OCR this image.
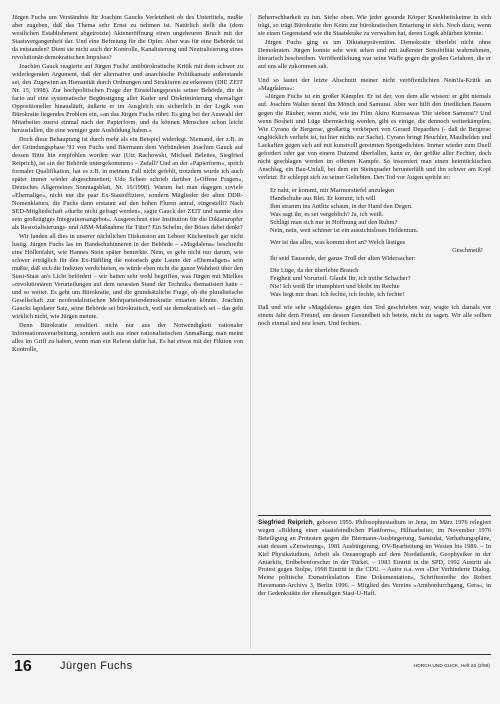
Jürgen Fuchs um Verständnis für Joachim Gaucks Verletztheit ob des Untertitels, mußte aber zugeben, daß das Thema sehr Ernst zu nehmen ist. Natürlich stellt die (dem westlichen Establishment abgetrotzte) Akteneröffnung einen ungeheuren Bruch mit der Staatsvergangenheit dar. Und eine Befreiung für die Opfer. Aber was für eine Behörde ist da entstanden? Dient sie nicht auch der Kontrolle, Kanalisierung und Neutralisierung eines revolutionär-demokratischen Impulses?

Joachim Gauck reagierte auf Jürgen Fuchs' antibürokratische Kritik mit dem schwer zu widerlegenden Argument, daß der alternative und anarchische Politikansatz außerstande sei, den Zugewinn an Humanität durch Ordnungen und Strukturen zu erkennen (DIE ZEIT Nr. 15, 1998). Zur hochpolitischen Frage der Einstellungspraxis seiner Behörde, die de facto auf eine systematische Begünstigung aller Kader und Diskriminierung ehemaliger Oppositioneller hinausläuft, äußerte er im Ausgleich ein sicherlich in der Logik von Bürokratie liegendes Problem ein, »an das Jürgen Fuchs rührt: Es ging bei der Auswahl der Mitarbeiter zuerst einmal nach der Papierform, und da können Menschen schon leicht herausfallen, die eine weniger gute Ausbildung haben.«

Doch diese Behauptung ist durch mehr als ein Beispiel widerlegt. Niemand, der z.B. in der Gründungsphase '91 von Fuchs und Biermann dem Verbündeten Joachim Gauck auf dessen Bitte hin empfohlen worden war (Utz Rachowski, Michael Beleites, Siegfried Reiprich), ist »in der Behörde untergekommen« – Zufall? Und an der »Papierform«, sprich formaler Qualifikation, hat es z.B. in meinem Fall nicht gefehlt, trotzdem wurde ich auch später immer wieder abgeschmettert; Udo Scheer schrieb darüber (»Offene Fragen«, Deutsches Allgemeines Sonntagsblatt, Nr. 16/1998). Warum hat man dagegen soviele »Ehemalige«, nicht nur die paar Ex-Stasioffiziere, sondern Mitglieder der alten DDR-Nomenklatura, die Fuchs dann erstaunt auf den hohen Fluren antraf, eingestellt? Nach SED-Mitgliedschaft »durfte nicht gefragt werden«, sagte Gauck der ZEIT und nannte dies sein großzügiges Integrationsangebot«. Ausgerechnet eine Institution für die Diktaturopfer als Resozialisierungs- und ABM-Maßnahme für Täter? Ein Schelm, der Böses dabei denkt?

Wir fanden all dies in unserer nächtlichen Diskussion am Leboer Küchentisch gar nicht lustig. Jürgen Fuchs las im Handschuhinneren in der Behörde – »Magdalena« beschreibt eine Höllenfahrt, wie Hannes Stein später bemerkte. Nein, es geht nicht nur darum, wie schwer erträglich für den Ex-Häftling die notorisch gute Laune der »Ehemaligen« sein mußte, daß sich die Indizien verdichteten, es würde eben nicht die ganze Wahrheit über den Stasi-Staat an's Licht befördert – wir hatten sehr wohl begriffen, was Jürgen mit Mielkes »revolutionären Verurteilungen auf dem neuesten Stand der Technik« thematisiert hatte – und so weiter. Es geht um Bürokratie, und die grundsätzliche Frage, ob die pluralistische Gesellschaft zur neofeudalistischen Mehrparteiendemokratie entarten könnte. Joachim Gaucks lapidarer Satz, seine Behörde sei bürokratisch, weil sie demokratisch sei – das geht wirklich nicht, wie Jürgen meinte.

Denn Bürokratie resultiert nicht nur aus der Notwendigkeit rationaler Informationsverarbeitung, sondern auch aus einer rationalistischen Anmaßung: man meint alles im Griff zu haben, wenn man ein Referat dafür hat. Es hat etwas mit der Fiktion von Kontrolle,

Beherrschbarkeit zu tun. Siehe oben. Wie jeder gesunde Körper Krankheitskeime in sich trägt, so trägt Bürokratie den Keim zur bürokratischen Entartung in sich. Noch dazu, wenn sie einen Gegenstand wie die Staatskrake zu verwalten hat, deren Logik abfärben könnte.

Jürgen Fuchs ging es um Diktaturprävention. Demokratie überlebt nicht ohne Demokraten. Jürgen konnte sehr weit sehen und mit äußerster Sensibilität wahrnehmen, literarisch beschreiben. Veröffentlichung war seine Waffe gegen die großen Gefahren, die er auf uns alle zukommen sah.

Und so lautet der letzte Abschnitt meiner nicht veröffentlichten Nein!Ja-Kritik an »Magdalena«:

»Jürgen Fuchs ist ein großer Kämpfer. Er ist der, von dem alle wissen: er gibt niemals auf. Joachim Walter nennt ihn Mönch und Samurai. Aber wer hilft den friedlichen Bauern gegen die Räuber, wenn nicht, wie im Film Akiro Kurosawas 'Die sieben Samurai'? Und wenn Bosheit und Lüge übermächtig werden, gibt es einige, die dennoch weiterkämpfen. Wie Cyrano de Bergerac, großartig verkörpert von Gerard Depardieu (- daß de Bergerac unglücklich verliebt ist, tut hier nichts zur Sache). Cyrano bringt Heuchler, Maulhelden und Lackaffen gegen sich auf mit kunstvoll gereimten Spottgedichten. Immer wieder zum Duell gefordert oder gar von einem Dutzend überfallen, kann er, der größte aller Fechter, doch nicht geschlagen werden im offenen Kampfe. So inszeniert man einen heimtückischen Anschlag, ein Bau-Unfall, bei dem ein Steinquader herunterfällt und ihn schwer am Kopf verletzt. Er schleppt sich zu seiner Geliebten. Den Tod vor Augen spricht er:

Er naht, er kommt, mir Marmorstiefel anzulegen
Handschuhe aus Blei. Er kommt, ich will
Ihm stramm ins Antlitz schaun, in der Hand den Degen.
Was sagt ihr, es sei vergeblich? Ja, ich weiß.
Schlägt man sich nur in Hoffnung auf den Ruhm?
Nein, nein, weit schöner ist ein aussichtsloses Heldentum.
Wer ist das alles, was kommt dort an? Welch lästiges
Geschmeiß!
Ihr seid Tausende, der ganze Troß der alten Widersacher:
Die Lüge, da der überlebte Brauch
Feigheit und Vorurteil. Glaubt Ihr, ich treibe Schacher?
Nie! Ich weiß Ihr triumphiert und bleibt im Rechte
Was liegt mir dran. Ich fechte, ich fechte, ich fechte!

Daß und wie sehr »Magdalena« gegen den Tod geschrieben war, wagte ich damals vor einem Jahr dem Freund, um dessen Gesundheit ich betete, nicht zu sagen. Wir alle sollten noch einmal und neu lesen. Und fechten.

Siegfried Reiprich, geboren 1955. Philosophiestudium in Jena, im März 1976 relegiert wegen »Bildung einer staatsfeindlichen Plattform«, Hilfsarbeiter, im November 1976 Beteiligung an Protesten gegen die Biermann-Ausbürgerung, Samisdat, Verhaftungspläne, statt dessen »Zersetzung«, 1981 Ausbürgerung, OV-Bearbeitung im Westen bis 1989. – In Kiel Physikstudium, Arbeit als Ozeanograph auf dem Nordatlantik, Geophysiker in der Antarktis, Erdbebenforscher in der Türkei. – 1983 Eintritt in die SPD, 1992 Austritt als Protest gegen Stolpe, 1998 Eintritt in die CDU. – Autor u.a. von »Der Verhinderte Dialog. Meine politische Exmatrikulation. Eine Dokumentation«, Schriftenreihe des Robert Havemann-Archivs 3, Berlin 1996. – Mitglied des Vereins »Amthordurchgang, Gera«, in der Gedenkstätte der ehemaligen Stasi-U-Haft.
16	Jürgen Fuchs	HORCH UND GUCK, Heft 26 (2/99)
